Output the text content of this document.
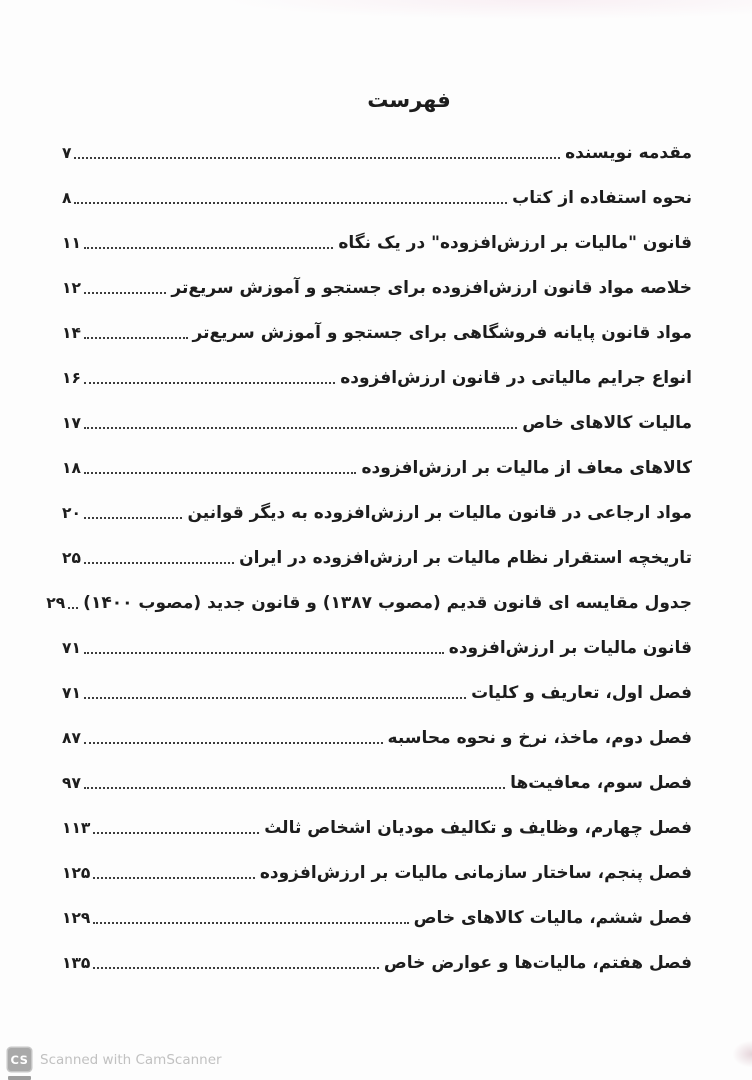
فهرست
مقدمه نویسنده
۷
نحوه استفاده از کتاب
۸
قانون "مالیات بر ارزش‌افزوده" در یک نگاه
۱۱
خلاصه مواد قانون ارزش‌افزوده برای جستجو و آموزش سریع‌تر
۱۲
مواد قانون پایانه فروشگاهی برای جستجو و آموزش سریع‌تر
۱۴
انواع جرایم مالیاتی در قانون ارزش‌افزوده
۱۶
مالیات کالاهای خاص
۱۷
کالاهای معاف از مالیات بر ارزش‌افزوده
۱۸
مواد ارجاعی در قانون مالیات بر ارزش‌افزوده به دیگر قوانین
۲۰
تاریخچه استقرار نظام مالیات بر ارزش‌افزوده در ایران
۲۵
جدول مقایسه ای قانون قدیم (مصوب ۱۳۸۷) و قانون جدید (مصوب ۱۴۰۰)
۲۹
قانون مالیات بر ارزش‌افزوده
۷۱
فصل اول، تعاریف و کلیات
۷۱
فصل دوم، ماخذ، نرخ و نحوه محاسبه
۸۷
فصل سوم، معافیت‌ها
۹۷
فصل چهارم، وظایف و تکالیف مودیان اشخاص ثالث
۱۱۳
فصل پنجم، ساختار سازمانی مالیات بر ارزش‌افزوده
۱۲۵
فصل ششم، مالیات کالاهای خاص
۱۲۹
فصل هفتم، مالیات‌ها و عوارض خاص
۱۳۵
CS Scanned with CamScanner
